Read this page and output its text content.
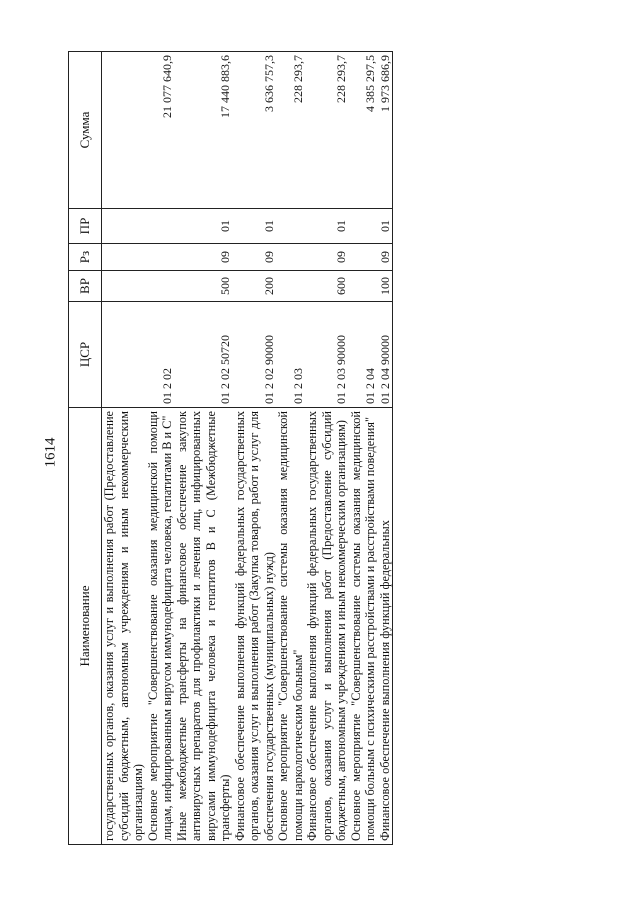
1614
Наименование	ЦСР	ВР	Рз	ПР	Сумма
государственных органов, оказания услуг и выполнения работ (Предоставление субсидий бюджетным, автономным учреждениям и иным некоммерческим организациям)					
Основное мероприятие "Совершенствование оказания медицинской помощи лицам, инфицированным вирусом иммунодефицита человека, гепатитами В и С"	01 2 02				21 077 640,9
Иные межбюджетные трансферты на финансовое обеспечение закупок антивирусных препаратов для профилактики и лечения лиц, инфицированных вирусами иммунодефицита человека и гепатитов В и С (Межбюджетные трансферты)	01 2 02 50720	500	09	01	17 440 883,6
Финансовое обеспечение выполнения функций федеральных государственных органов, оказания услуг и выполнения работ (Закупка товаров, работ и услуг для обеспечения государственных (муниципальных) нужд)	01 2 02 90000	200	09	01	3 636 757,3
Основное мероприятие "Совершенствование системы оказания медицинской помощи наркологическим больным"	01 2 03				228 293,7
Финансовое обеспечение выполнения функций федеральных государственных органов, оказания услуг и выполнения работ (Предоставление субсидий бюджетным, автономным учреждениям и иным некоммерческим организациям)	01 2 03 90000	600	09	01	228 293,7
Основное мероприятие "Совершенствование системы оказания медицинской помощи больным с психическими расстройствами и расстройствами поведения"	01 2 04				4 385 297,5
Финансовое обеспечение выполнения функций федеральных	01 2 04 90000	100	09	01	1 973 686,9
